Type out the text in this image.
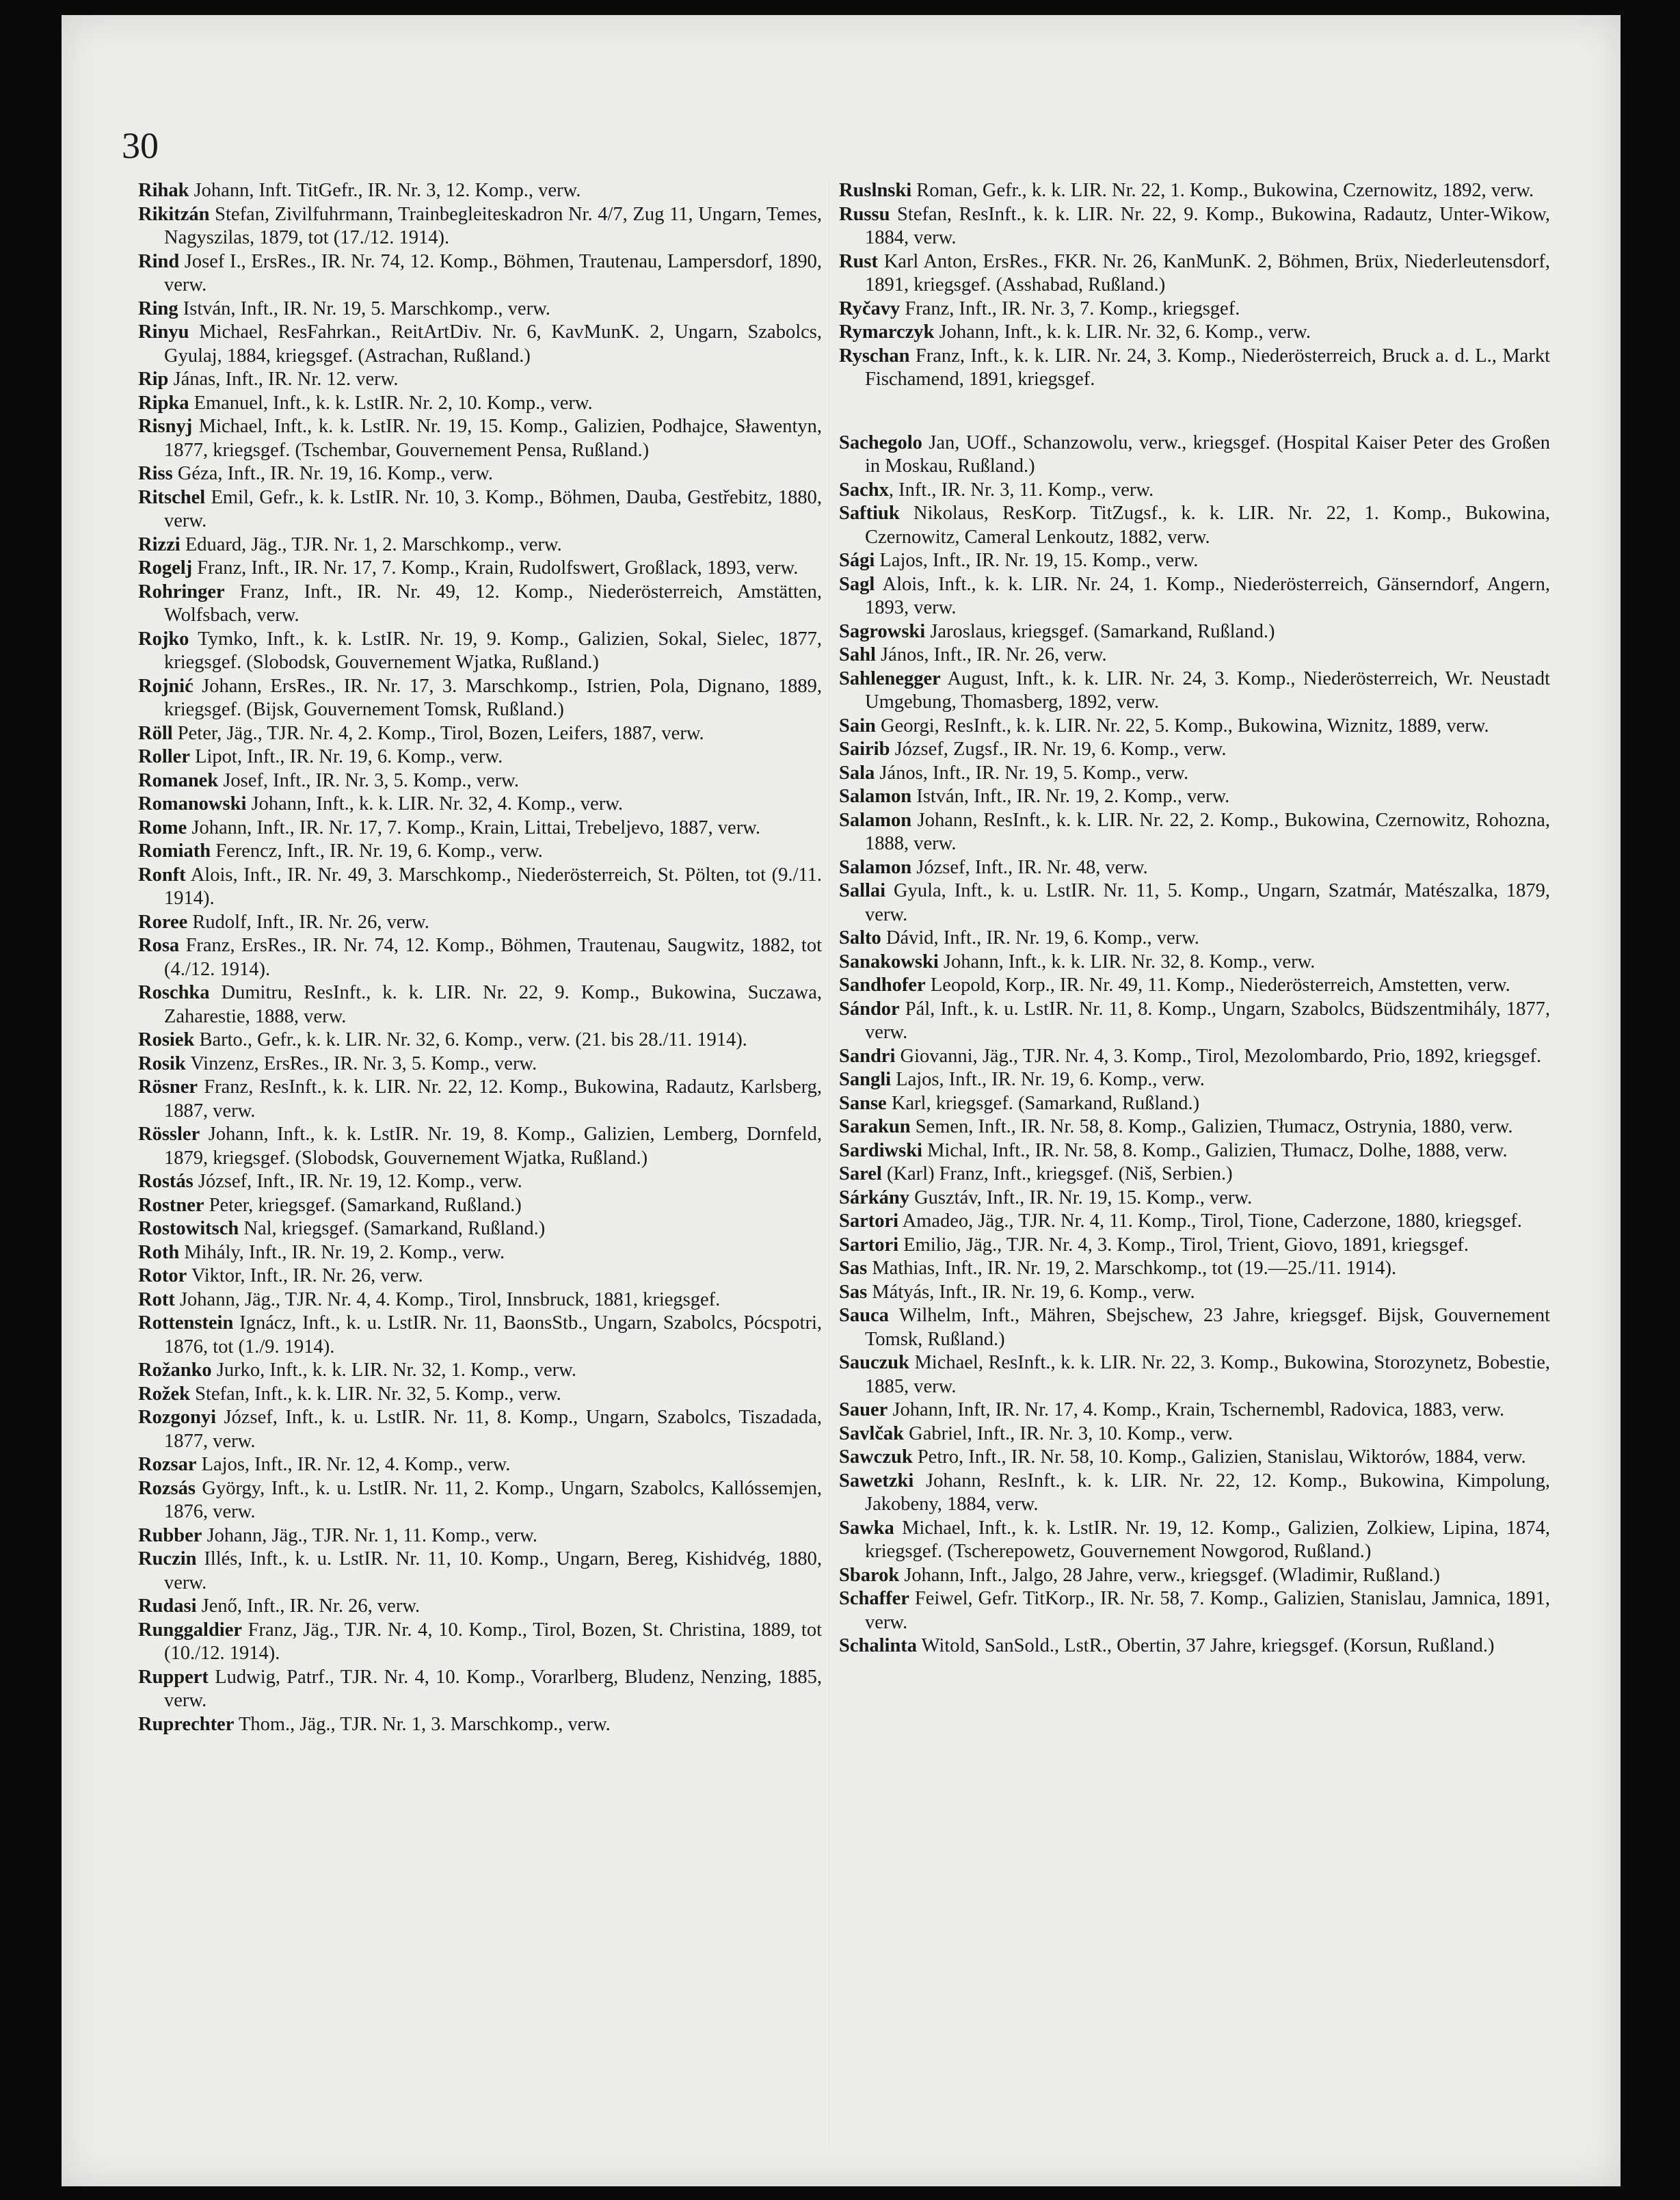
30
Rihak Johann, Inft. TitGefr., IR. Nr. 3, 12. Komp., verw.
Rikitzán Stefan, Zivilfuhrmann, Trainbegleiteskadron Nr. 4/7, Zug 11, Ungarn, Temes, Nagyszilas, 1879, tot (17./12. 1914).
Rind Josef I., ErsRes., IR. Nr. 74, 12. Komp., Böhmen, Trautenau, Lampersdorf, 1890, verw.
Ring István, Inft., IR. Nr. 19, 5. Marschkomp., verw.
Rinyu Michael, ResFahrkan., ReitArtDiv. Nr. 6, KavMunK. 2, Ungarn, Szabolcs, Gyulaj, 1884, kriegsgef. (Astrachan, Rußland.)
Rip Jánas, Inft., IR. Nr. 12. verw.
Ripka Emanuel, Inft., k. k. LstIR. Nr. 2, 10. Komp., verw.
Risnyj Michael, Inft., k. k. LstIR. Nr. 19, 15. Komp., Galizien, Podhajce, Sławentyn, 1877, kriegsgef. (Tschembar, Gouvernement Pensa, Rußland.)
Riss Géza, Inft., IR. Nr. 19, 16. Komp., verw.
Ritschel Emil, Gefr., k. k. LstIR. Nr. 10, 3. Komp., Böhmen, Dauba, Gestřebitz, 1880, verw.
Rizzi Eduard, Jäg., TJR. Nr. 1, 2. Marschkomp., verw.
Rogelj Franz, Inft., IR. Nr. 17, 7. Komp., Krain, Rudolfswert, Großlack, 1893, verw.
Rohringer Franz, Inft., IR. Nr. 49, 12. Komp., Niederösterreich, Amstätten, Wolfsbach, verw.
Rojko Tymko, Inft., k. k. LstIR. Nr. 19, 9. Komp., Galizien, Sokal, Sielec, 1877, kriegsgef. (Slobodsk, Gouvernement Wjatka, Rußland.)
Rojnić Johann, ErsRes., IR. Nr. 17, 3. Marschkomp., Istrien, Pola, Dignano, 1889, kriegsgef. (Bijsk, Gouvernement Tomsk, Rußland.)
Röll Peter, Jäg., TJR. Nr. 4, 2. Komp., Tirol, Bozen, Leifers, 1887, verw.
Roller Lipot, Inft., IR. Nr. 19, 6. Komp., verw.
Romanek Josef, Inft., IR. Nr. 3, 5. Komp., verw.
Romanowski Johann, Inft., k. k. LIR. Nr. 32, 4. Komp., verw.
Rome Johann, Inft., IR. Nr. 17, 7. Komp., Krain, Littai, Trebeljevo, 1887, verw.
Romiath Ferencz, Inft., IR. Nr. 19, 6. Komp., verw.
Ronft Alois, Inft., IR. Nr. 49, 3. Marschkomp., Niederösterreich, St. Pölten, tot (9./11. 1914).
Roree Rudolf, Inft., IR. Nr. 26, verw.
Rosa Franz, ErsRes., IR. Nr. 74, 12. Komp., Böhmen, Trautenau, Saugwitz, 1882, tot (4./12. 1914).
Roschka Dumitru, ResInft., k. k. LIR. Nr. 22, 9. Komp., Bukowina, Suczawa, Zaharestie, 1888, verw.
Rosiek Barto., Gefr., k. k. LIR. Nr. 32, 6. Komp., verw. (21. bis 28./11. 1914).
Rosik Vinzenz, ErsRes., IR. Nr. 3, 5. Komp., verw.
Rösner Franz, ResInft., k. k. LIR. Nr. 22, 12. Komp., Bukowina, Radautz, Karlsberg, 1887, verw.
Rössler Johann, Inft., k. k. LstIR. Nr. 19, 8. Komp., Galizien, Lemberg, Dornfeld, 1879, kriegsgef. (Slobodsk, Gouvernement Wjatka, Rußland.)
Rostás József, Inft., IR. Nr. 19, 12. Komp., verw.
Rostner Peter, kriegsgef. (Samarkand, Rußland.)
Rostowitsch Nal, kriegsgef. (Samarkand, Rußland.)
Roth Mihály, Inft., IR. Nr. 19, 2. Komp., verw.
Rotor Viktor, Inft., IR. Nr. 26, verw.
Rott Johann, Jäg., TJR. Nr. 4, 4. Komp., Tirol, Innsbruck, 1881, kriegsgef.
Rottenstein Ignácz, Inft., k. u. LstIR. Nr. 11, BaonsStb., Ungarn, Szabolcs, Pócspotri, 1876, tot (1./9. 1914).
Rožanko Jurko, Inft., k. k. LIR. Nr. 32, 1. Komp., verw.
Rožek Stefan, Inft., k. k. LIR. Nr. 32, 5. Komp., verw.
Rozgonyi József, Inft., k. u. LstIR. Nr. 11, 8. Komp., Ungarn, Szabolcs, Tiszadada, 1877, verw.
Rozsar Lajos, Inft., IR. Nr. 12, 4. Komp., verw.
Rozsás György, Inft., k. u. LstIR. Nr. 11, 2. Komp., Ungarn, Szabolcs, Kallóssemjen, 1876, verw.
Rubber Johann, Jäg., TJR. Nr. 1, 11. Komp., verw.
Ruczin Illés, Inft., k. u. LstIR. Nr. 11, 10. Komp., Ungarn, Bereg, Kishidvég, 1880, verw.
Rudasi Jenő, Inft., IR. Nr. 26, verw.
Runggaldier Franz, Jäg., TJR. Nr. 4, 10. Komp., Tirol, Bozen, St. Christina, 1889, tot (10./12. 1914).
Ruppert Ludwig, Patrf., TJR. Nr. 4, 10. Komp., Vorarlberg, Bludenz, Nenzing, 1885, verw.
Ruprechter Thom., Jäg., TJR. Nr. 1, 3. Marschkomp., verw.
Ruslnski Roman, Gefr., k. k. LIR. Nr. 22, 1. Komp., Bukowina, Czernowitz, 1892, verw.
Russu Stefan, ResInft., k. k. LIR. Nr. 22, 9. Komp., Bukowina, Radautz, Unter-Wikow, 1884, verw.
Rust Karl Anton, ErsRes., FKR. Nr. 26, KanMunK. 2, Böhmen, Brüx, Niederleutensdorf, 1891, kriegsgef. (Asshabad, Rußland.)
Ryčavy Franz, Inft., IR. Nr. 3, 7. Komp., kriegsgef.
Rymarczyk Johann, Inft., k. k. LIR. Nr. 32, 6. Komp., verw.
Ryschan Franz, Inft., k. k. LIR. Nr. 24, 3. Komp., Niederösterreich, Bruck a. d. L., Markt Fischamend, 1891, kriegsgef.
Sachegolo Jan, UOff., Schanzowolu, verw., kriegsgef. (Hospital Kaiser Peter des Großen in Moskau, Rußland.)
Sachx, Inft., IR. Nr. 3, 11. Komp., verw.
Saftiuk Nikolaus, ResKorp. TitZugsf., k. k. LIR. Nr. 22, 1. Komp., Bukowina, Czernowitz, Cameral Lenkoutz, 1882, verw.
Sági Lajos, Inft., IR. Nr. 19, 15. Komp., verw.
Sagl Alois, Inft., k. k. LIR. Nr. 24, 1. Komp., Niederösterreich, Gänserndorf, Angern, 1893, verw.
Sagrowski Jaroslaus, kriegsgef. (Samarkand, Rußland.)
Sahl János, Inft., IR. Nr. 26, verw.
Sahlenegger August, Inft., k. k. LIR. Nr. 24, 3. Komp., Niederösterreich, Wr. Neustadt Umgebung, Thomasberg, 1892, verw.
Sain Georgi, ResInft., k. k. LIR. Nr. 22, 5. Komp., Bukowina, Wiznitz, 1889, verw.
Sairib József, Zugsf., IR. Nr. 19, 6. Komp., verw.
Sala János, Inft., IR. Nr. 19, 5. Komp., verw.
Salamon István, Inft., IR. Nr. 19, 2. Komp., verw.
Salamon Johann, ResInft., k. k. LIR. Nr. 22, 2. Komp., Bukowina, Czernowitz, Rohozna, 1888, verw.
Salamon József, Inft., IR. Nr. 48, verw.
Sallai Gyula, Inft., k. u. LstIR. Nr. 11, 5. Komp., Ungarn, Szatmár, Matészalka, 1879, verw.
Salto Dávid, Inft., IR. Nr. 19, 6. Komp., verw.
Sanakowski Johann, Inft., k. k. LIR. Nr. 32, 8. Komp., verw.
Sandhofer Leopold, Korp., IR. Nr. 49, 11. Komp., Niederösterreich, Amstetten, verw.
Sándor Pál, Inft., k. u. LstIR. Nr. 11, 8. Komp., Ungarn, Szabolcs, Büdszentmihály, 1877, verw.
Sandri Giovanni, Jäg., TJR. Nr. 4, 3. Komp., Tirol, Mezolombardo, Prio, 1892, kriegsgef.
Sangli Lajos, Inft., IR. Nr. 19, 6. Komp., verw.
Sanse Karl, kriegsgef. (Samarkand, Rußland.)
Sarakun Semen, Inft., IR. Nr. 58, 8. Komp., Galizien, Tłumacz, Ostrynia, 1880, verw.
Sardiwski Michal, Inft., IR. Nr. 58, 8. Komp., Galizien, Tłumacz, Dolhe, 1888, verw.
Sarel (Karl) Franz, Inft., kriegsgef. (Niš, Serbien.)
Sárkány Gusztáv, Inft., IR. Nr. 19, 15. Komp., verw.
Sartori Amadeo, Jäg., TJR. Nr. 4, 11. Komp., Tirol, Tione, Caderzone, 1880, kriegsgef.
Sartori Emilio, Jäg., TJR. Nr. 4, 3. Komp., Tirol, Trient, Giovo, 1891, kriegsgef.
Sas Mathias, Inft., IR. Nr. 19, 2. Marschkomp., tot (19.—25./11. 1914).
Sas Mátyás, Inft., IR. Nr. 19, 6. Komp., verw.
Sauca Wilhelm, Inft., Mähren, Sbejschew, 23 Jahre, kriegsgef. Bijsk, Gouvernement Tomsk, Rußland.)
Sauczuk Michael, ResInft., k. k. LIR. Nr. 22, 3. Komp., Bukowina, Storozynetz, Bobestie, 1885, verw.
Sauer Johann, Inft, IR. Nr. 17, 4. Komp., Krain, Tschernembl, Radovica, 1883, verw.
Savlčak Gabriel, Inft., IR. Nr. 3, 10. Komp., verw.
Sawczuk Petro, Inft., IR. Nr. 58, 10. Komp., Galizien, Stanislau, Wiktorów, 1884, verw.
Sawetzki Johann, ResInft., k. k. LIR. Nr. 22, 12. Komp., Bukowina, Kimpolung, Jakobeny, 1884, verw.
Sawka Michael, Inft., k. k. LstIR. Nr. 19, 12. Komp., Galizien, Zolkiew, Lipina, 1874, kriegsgef. (Tscherepowetz, Gouvernement Nowgorod, Rußland.)
Sbarok Johann, Inft., Jalgo, 28 Jahre, verw., kriegsgef. (Wladimir, Rußland.)
Schaffer Feiwel, Gefr. TitKorp., IR. Nr. 58, 7. Komp., Galizien, Stanislau, Jamnica, 1891, verw.
Schalinta Witold, SanSold., LstR., Obertin, 37 Jahre, kriegsgef. (Korsun, Rußland.)
